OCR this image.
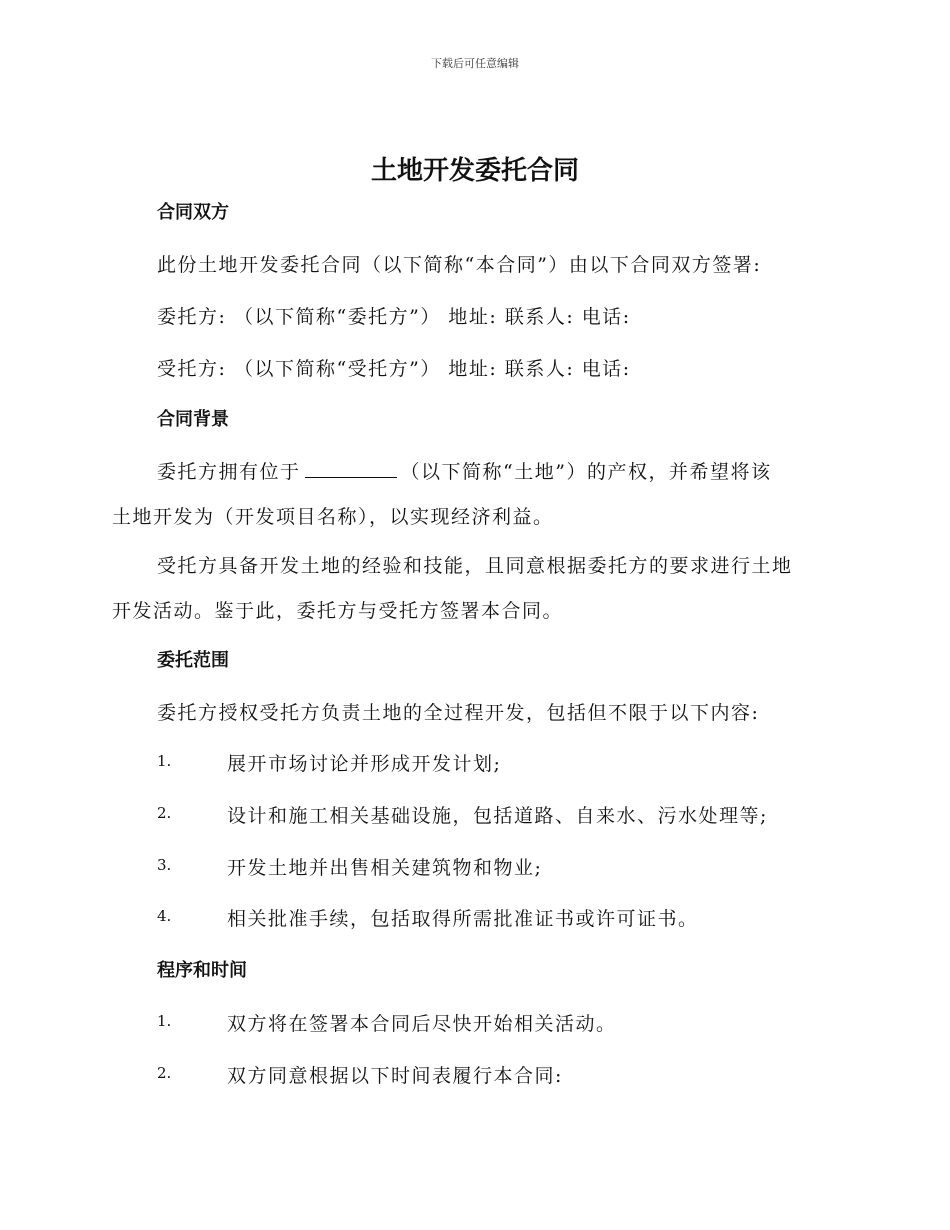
下载后可任意编辑
土地开发委托合同
合同双方
此份土地开发委托合同（以下简称“本合同”）由以下合同双方签署:
委托方: （以下简称“委托方”） 地址: 联系人: 电话:
受托方: （以下简称“受托方”） 地址: 联系人: 电话:
合同背景
委托方拥有位于	（以下简称“土地”）的产权，并希望将该
土地开发为（开发项目名称），以实现经济利益。
受托方具备开发土地的经验和技能，且同意根据委托方的要求进行土地
开发活动。鉴于此，委托方与受托方签署本合同。
委托范围
委托方授权受托方负责土地的全过程开发，包括但不限于以下内容:
1.	展开市场讨论并形成开发计划;
2.	设计和施工相关基础设施，包括道路、自来水、污水处理等;
3.	开发土地并出售相关建筑物和物业;
4.	相关批准手续，包括取得所需批准证书或许可证书。
程序和时间
1.	双方将在签署本合同后尽快开始相关活动。
2.	双方同意根据以下时间表履行本合同:
